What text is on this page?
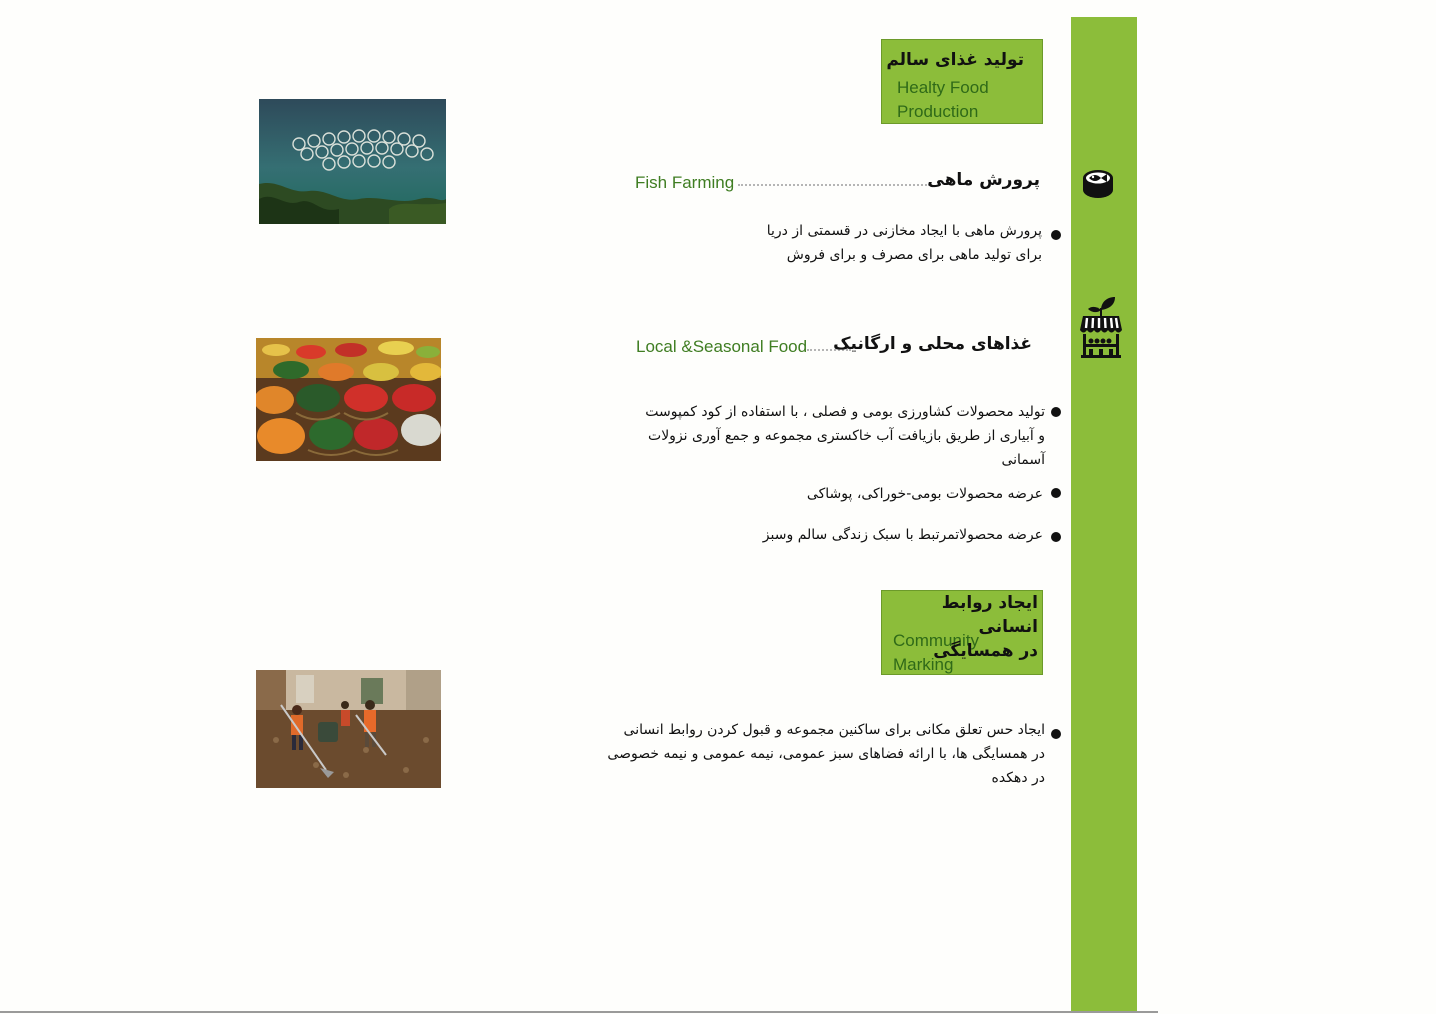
تولید غذای سالم
Healty Food
Production
Fish Farming	پرورش ماهی
پرورش ماهی با ایجاد مخازنی در قسمتی از دریا
برای تولید ماهی برای مصرف و برای فروش
Local &Seasonal Food غذاهای محلی و ارگانیک
تولید محصولات کشاورزی بومی و فصلی ، با استفاده از کود کمپوست
و آبیاری از طریق بازیافت آب خاکستری مجموعه و جمع آوری نزولات
آسمانی
عرضه محصولات بومی-خوراکی، پوشاکی
عرضه محصولاتمرتبط با سبک زندگی سالم وسبز
Community
Marking
ایجاد روابط انسانی
در همسایگی
ایجاد حس تعلق مکانی برای ساکنین مجموعه و قبول کردن روابط انسانی
در همسایگی ها، با ارائه فضاهای سبز عمومی، نیمه عمومی و نیمه خصوصی
در دهکده
